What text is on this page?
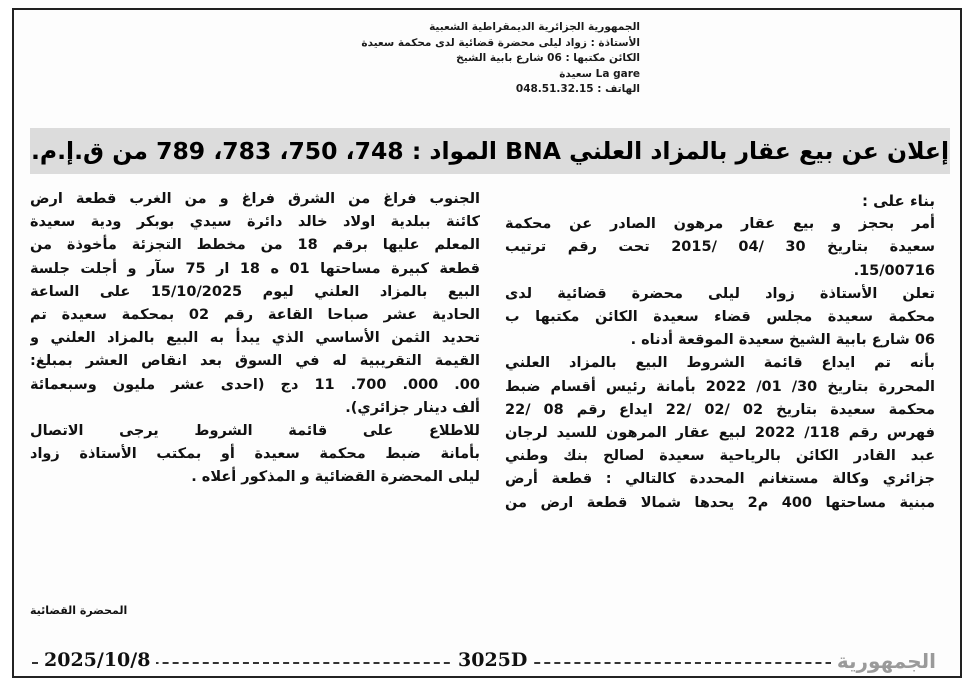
الجمهورية الجزائرية الديمقراطية الشعبية
الأستاذة : زواد ليلى محضرة قضائية لدى محكمة سعيدة
الكائن مكتبها : 06 شارع بابية الشيخ
La gare سعيدة
الهاتف : 048.51.32.15
إعلان عن بيع عقار بالمزاد العلني BNA المواد : 748، 750، 783، 789 من ق.إ.م.
بناء على :
أمر بحجز و بيع عقار مرهون الصادر عن محكمة
سعيدة بتاريخ 30 /04 /2015 تحت رقم ترتيب
15/00716.
تعلن الأستاذة زواد ليلى محضرة قضائية لدى
محكمة سعيدة مجلس قضاء سعيدة الكائن مكتبها ب
06 شارع بابية الشيخ سعيدة الموقعة أدناه .
بأنه تم ايداع قائمة الشروط البيع بالمزاد العلني
المحررة بتاريخ 30/ 01/ 2022 بأمانة رئيس أقسام ضبط
محكمة سعيدة بتاريخ 02 /02 /22 ايداع رقم 08 /22
فهرس رقم 118/ 2022 لبيع عقار المرهون للسيد لرجان
عبد القادر الكائن بالرياحية سعيدة لصالح بنك وطني
جزائري وكالة مستغانم المحددة كالتالي : قطعة أرض
مبنية مساحتها 400 م2 يحدها شمالا قطعة ارض من
الجنوب فراغ من الشرق فراغ و من الغرب قطعة ارض
كائنة ببلدية اولاد خالد دائرة سيدي بوبكر ودية سعيدة
المعلم عليها برقم 18 من مخطط التجزئة مأخوذة من
قطعة كبيرة مساحتها 01 ه 18 ار 75 سآر و أجلت جلسة
البيع بالمزاد العلني ليوم 15/10/2025 على الساعة
الحادية عشر صباحا القاعة رقم 02 بمحكمة سعيدة تم
تحديد الثمن الأساسي الذي يبدأ به البيع بالمزاد العلني و
القيمة التقريبية له في السوق بعد انقاص العشر بمبلغ:
00. 000. 700. 11 دج (احدى عشر مليون وسبعمائة
ألف دينار جزائري).
للاطلاع على قائمة الشروط يرجى الاتصال
بأمانة ضبط محكمة سعيدة أو بمكتب الأستاذة زواد
ليلى المحضرة القضائية و المذكور أعلاه .
المحضرة القضائية
2025/10/8	3025D	الجمهورية
